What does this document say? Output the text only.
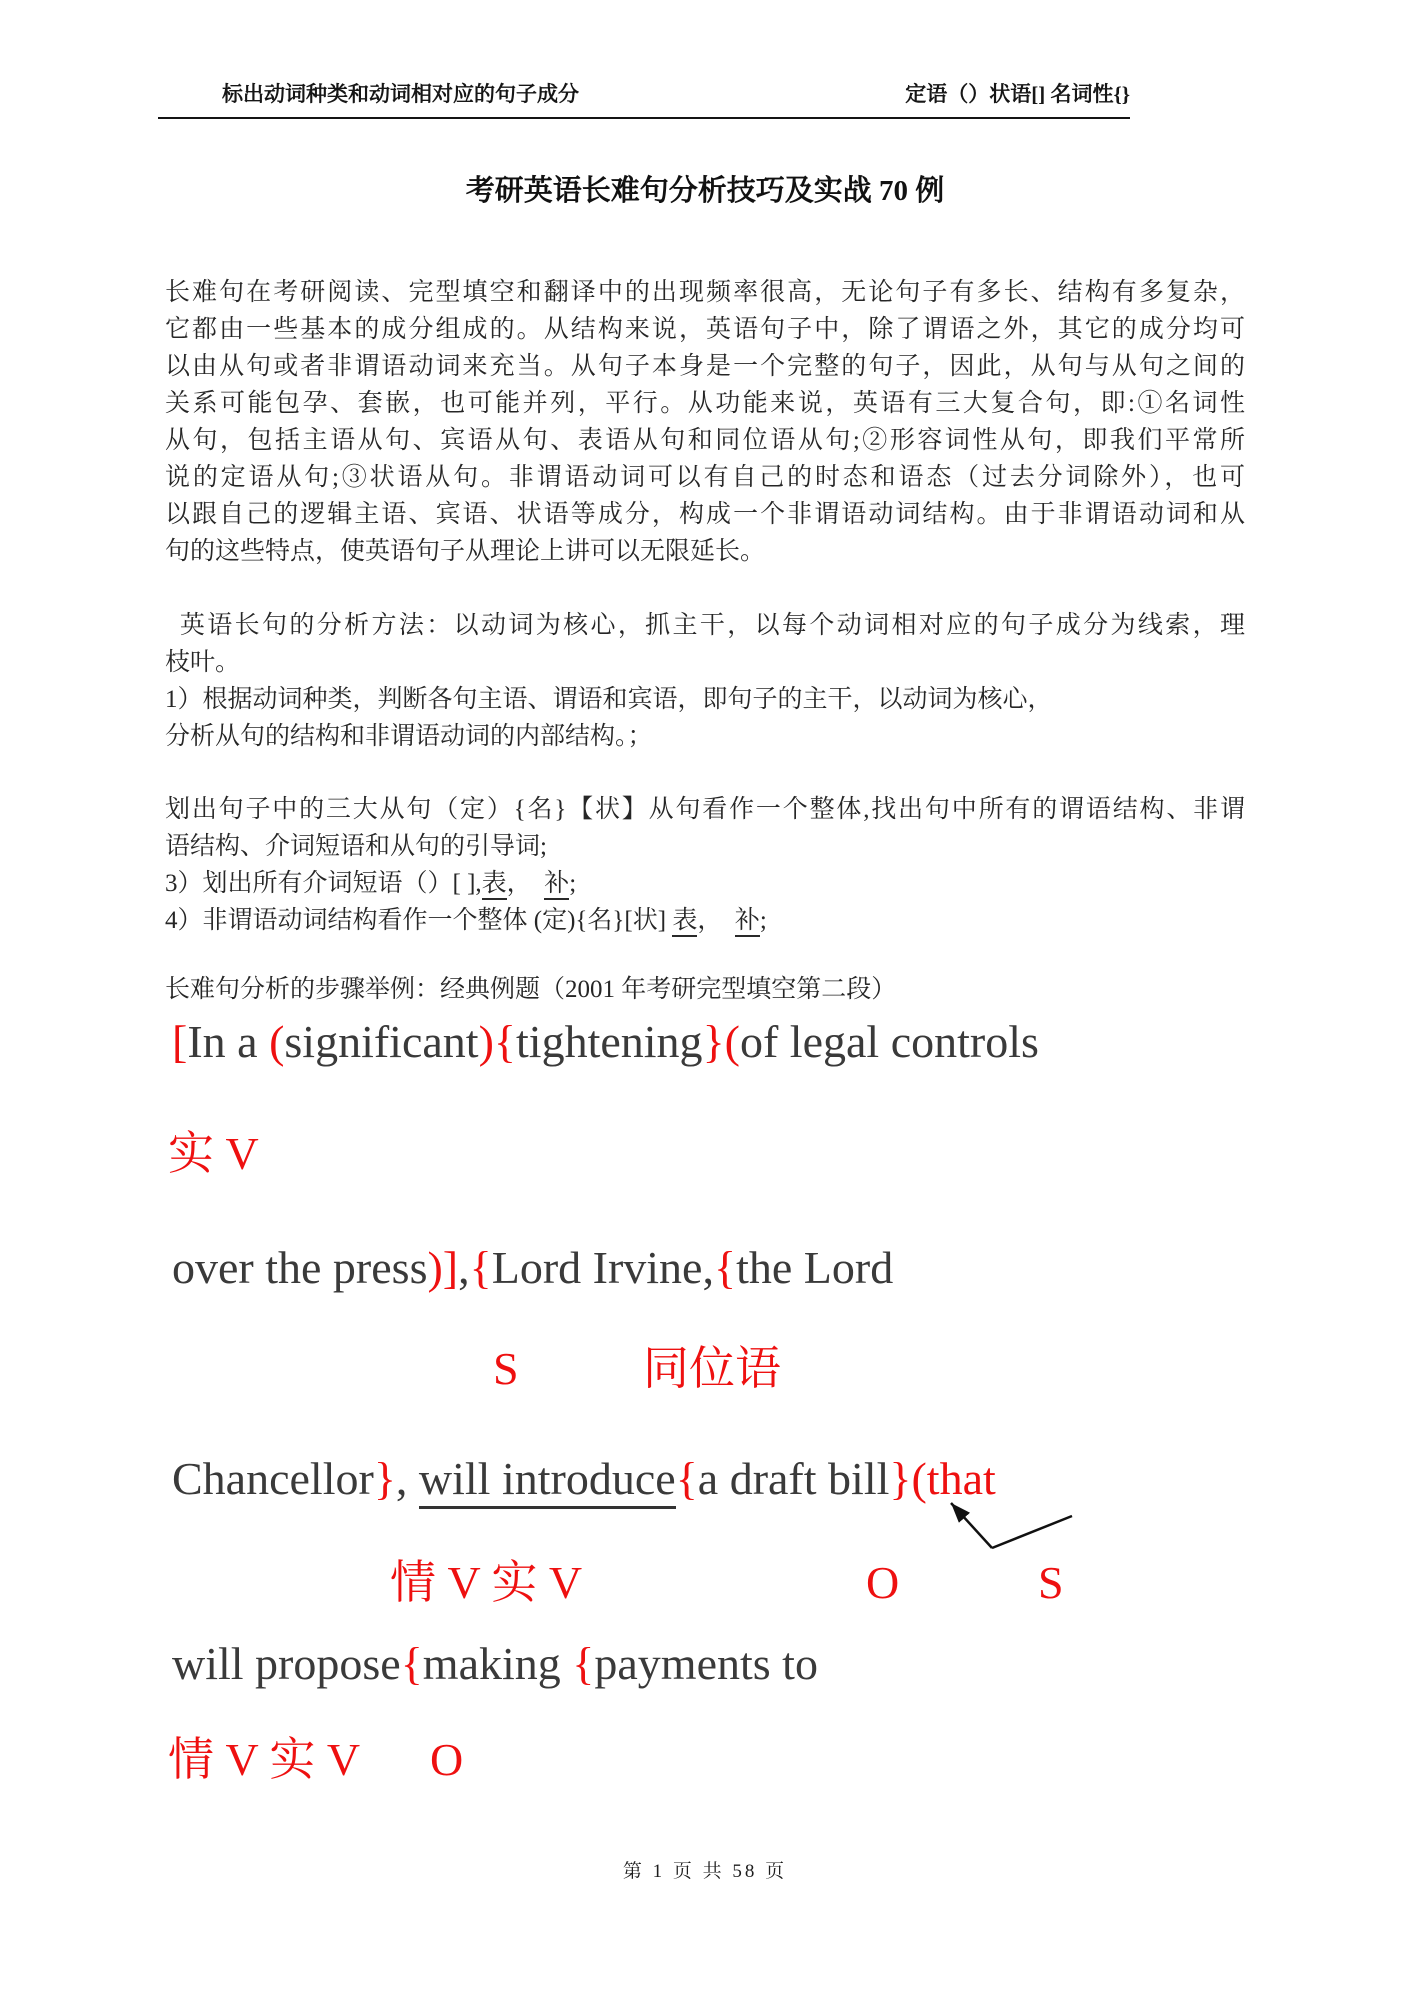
标出动词种类和动词相对应的句子成分	定语（）状语[] 名词性{}
考研英语长难句分析技巧及实战 70 例
长难句在考研阅读、完型填空和翻译中的出现频率很高，无论句子有多长、结构有多复杂，
它都由一些基本的成分组成的。从结构来说，英语句子中，除了谓语之外，其它的成分均可
以由从句或者非谓语动词来充当。从句子本身是一个完整的句子，因此，从句与从句之间的
关系可能包孕、套嵌，也可能并列，平行。从功能来说，英语有三大复合句，即:①名词性
从句，包括主语从句、宾语从句、表语从句和同位语从句;②形容词性从句，即我们平常所
说的定语从句;③状语从句。非谓语动词可以有自己的时态和语态（过去分词除外），也可
以跟自己的逻辑主语、宾语、状语等成分，构成一个非谓语动词结构。由于非谓语动词和从
句的这些特点，使英语句子从理论上讲可以无限延长。
 英语长句的分析方法：以动词为核心，抓主干，以每个动词相对应的句子成分为线索，理
枝叶。
1）根据动词种类，判断各句主语、谓语和宾语，即句子的主干，以动词为核心，
分析从句的结构和非谓语动词的内部结构。；
划出句子中的三大从句（定）{名}【状】从句看作一个整体,找出句中所有的谓语结构、非谓
语结构、介词短语和从句的引导词;
3）划出所有介词短语（）[ ],表，　补;
4）非谓语动词结构看作一个整体 (定){名}[状] 表，　补;
长难句分析的步骤举例：经典例题（2001 年考研完型填空第二段）
[In a (significant){tightening}(of legal controls
实 V
over the press)],{Lord Irvine,{the Lord
S	同位语
Chancellor}, will introduce{a draft bill}(that
情 V 实 V	O	S
will propose{making {payments to
情 V 实 V O
第 1 页 共 58 页
